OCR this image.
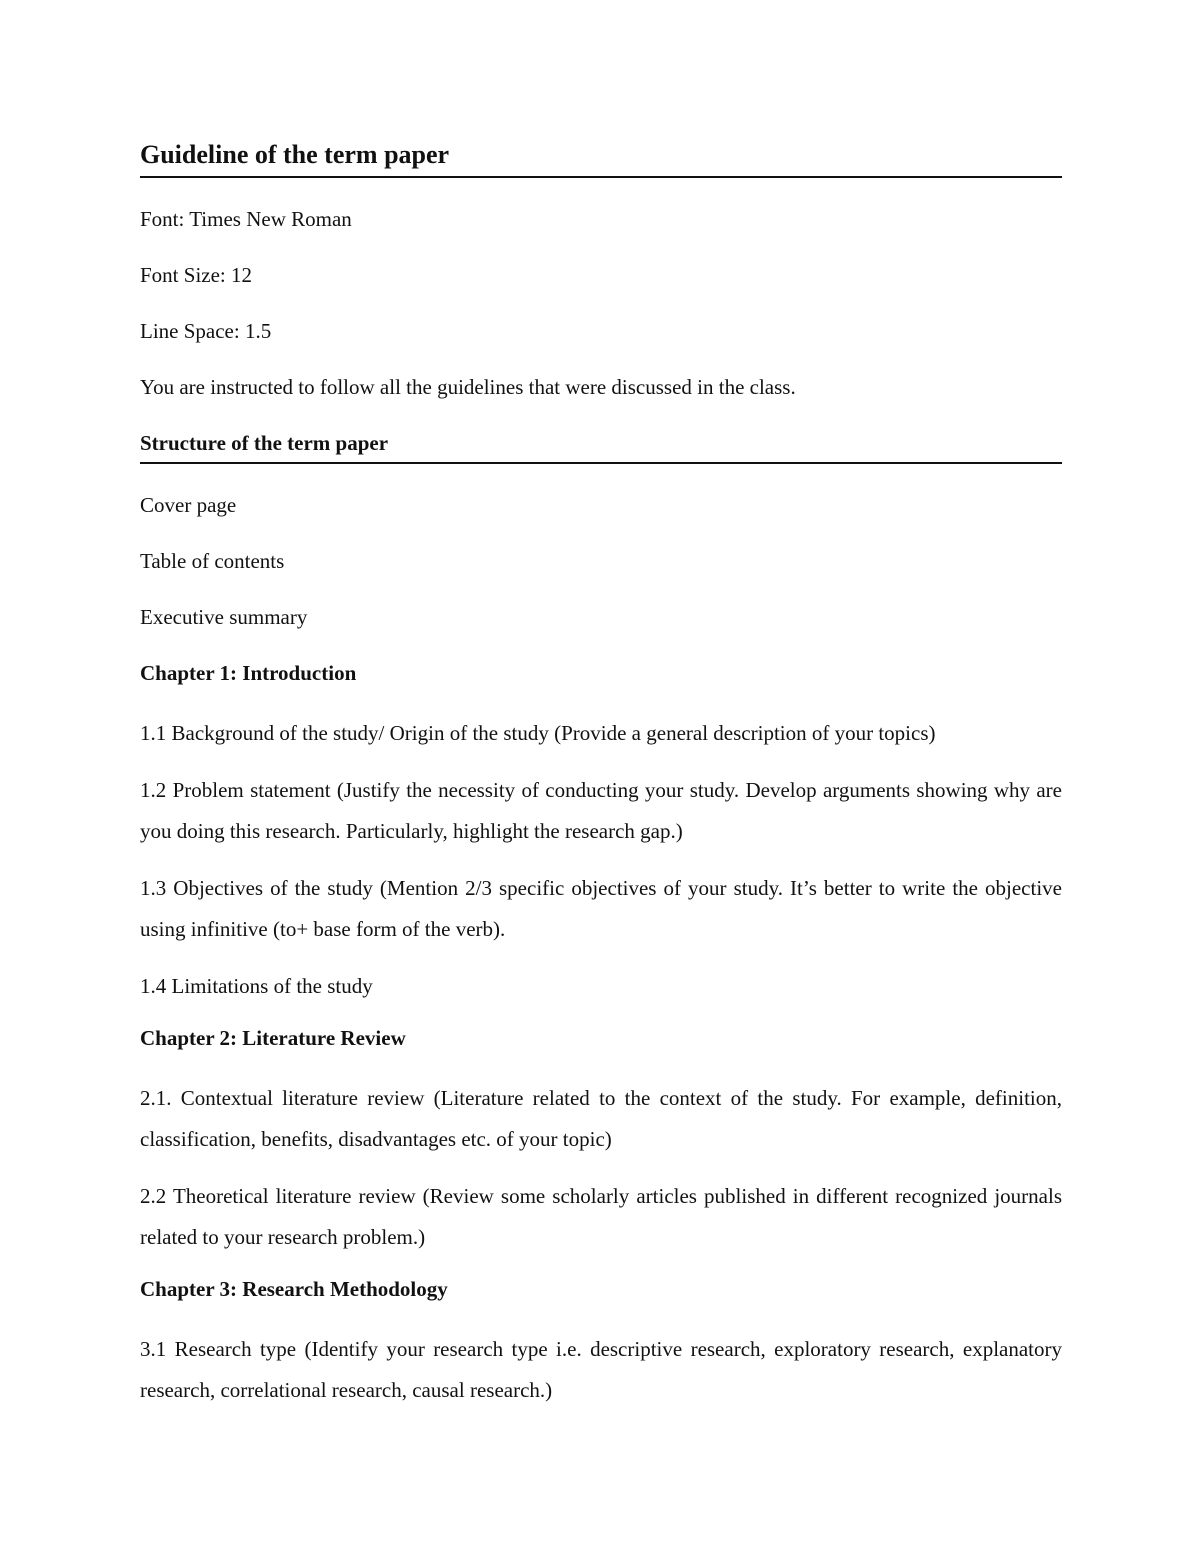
Guideline of the term paper

Font: Times New Roman

Font Size: 12

Line Space: 1.5

You are instructed to follow all the guidelines that were discussed in the class.

Structure of the term paper

Cover page

Table of contents

Executive summary

Chapter 1: Introduction

1.1 Background of the study/ Origin of the study (Provide a general description of your topics)

1.2 Problem statement (Justify the necessity of conducting your study. Develop arguments showing why are you doing this research. Particularly, highlight the research gap.)

1.3 Objectives of the study (Mention 2/3 specific objectives of your study. It’s better to write the objective using infinitive (to+ base form of the verb).

1.4 Limitations of the study

Chapter 2: Literature Review

2.1. Contextual literature review (Literature related to the context of the study. For example, definition, classification, benefits, disadvantages etc. of your topic)

2.2 Theoretical literature review (Review some scholarly articles published in different recognized journals related to your research problem.)

Chapter 3: Research Methodology

3.1 Research type (Identify your research type i.e. descriptive research, exploratory research, explanatory research, correlational research, causal research.)
